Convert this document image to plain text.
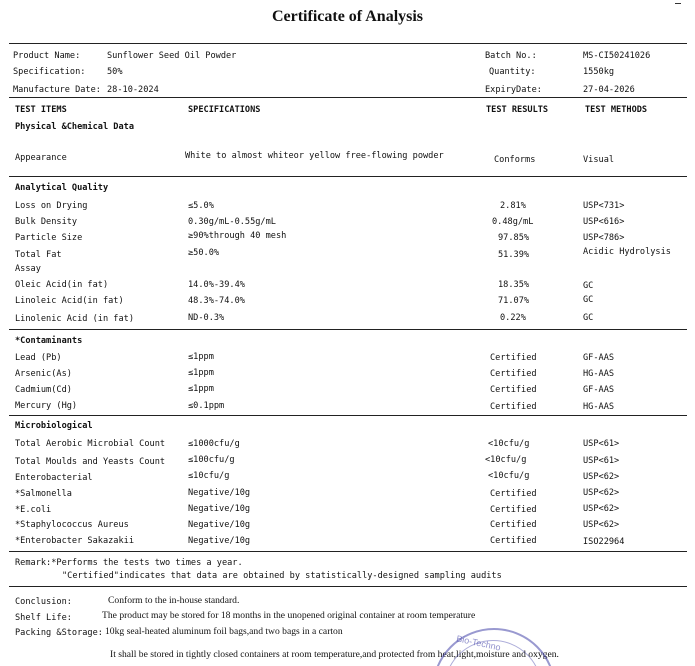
Certificate of Analysis
Product Name:	Sunflower Seed Oil Powder
Specification:	50%
Manufacture Date: 28-10-2024
Batch No.:	MS-CI50241026
Quantity:	1550kg
ExpiryDate:	27-04-2026
TEST ITEMS	SPECIFICATIONS	TEST RESULTS	TEST METHODS
Physical &Chemical Data
Appearance	White to almost whiteor yellow free-flowing powder	Conforms	Visual
Analytical Quality
Loss on Drying	≤5.0%	2.81%	USP<731>
Bulk Density	0.30g/mL-0.55g/mL	0.48g/mL	USP<616>
Particle Size	≥90%through 40 mesh	97.85%	USP<786>
Total Fat	≥50.0%	51.39%	Acidic Hydrolysis
Assay
Oleic Acid(in fat)	14.0%-39.4%	18.35%	GC
Linoleic Acid(in fat)	48.3%-74.0%	71.07%	GC
Linolenic Acid (in fat)	ND-0.3%	0.22%	GC
*Contaminants
Lead (Pb)	≤1ppm	Certified	GF-AAS
Arsenic(As)	≤1ppm	Certified	HG-AAS
Cadmium(Cd)	≤1ppm	Certified	GF-AAS
Mercury (Hg)	≤0.1ppm	Certified	HG-AAS
Microbiological
Total Aerobic Microbial Count	≤1000cfu/g	<10cfu/g	USP<61>
Total Moulds and Yeasts Count	≤100cfu/g	<10cfu/g	USP<61>
Enterobacterial	≤10cfu/g	<10cfu/g	USP<62>
*Salmonella	Negative/10g	Certified	USP<62>
*E.coli	Negative/10g	Certified	USP<62>
*Staphylococcus Aureus	Negative/10g	Certified	USP<62>
*Enterobacter Sakazakii	Negative/10g	Certified	ISO22964
Remark:*Performs the tests two times a year.
"Certified"indicates that data are obtained by statistically-designed sampling audits
Conclusion:	Conform to the in-house standard.
Shelf Life:	The product may be stored for 18 months in the unopened original container at room temperature
Packing &Storage: 10kg seal-heated aluminum foil bags,and two bags in a carton
It shall be stored in tightly closed containers at room temperature,and protected from heat,light,moisture and oxygen.
Bio-Techno
